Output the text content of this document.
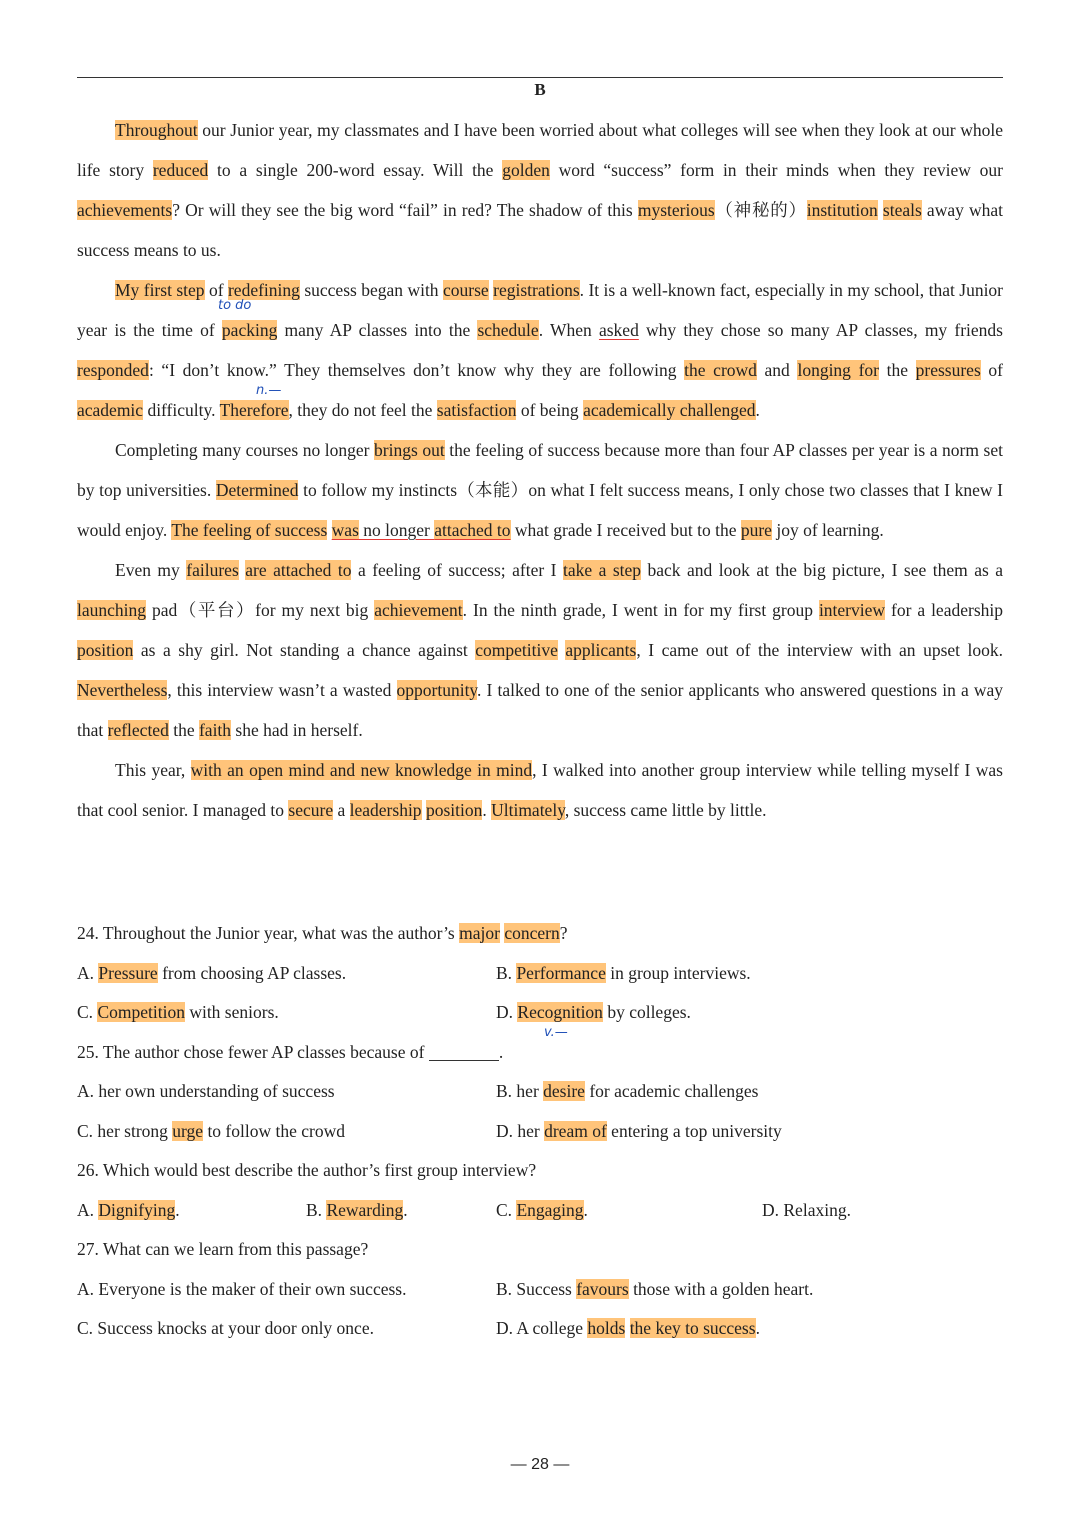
B

Throughout our Junior year, my classmates and I have been worried about what colleges will see when they look at our whole life story reduced to a single 200-word essay. Will the golden word “success” form in their minds when they review our achievements? Or will they see the big word “fail” in red? The shadow of this mysterious（神秘的）institution steals away what success means to us.

My first step of redefining success began with course registrations. It is a well-known fact, especially in my school, that Junior year is the time of packing many AP classes into the schedule. When asked why they chose so many AP classes, my friends responded: “I don’t know.” They themselves don’t know why they are following the crowd and longing for the pressures of academic difficulty. Therefore, they do not feel the satisfaction of being academically challenged.

Completing many courses no longer brings out the feeling of success because more than four AP classes per year is a norm set by top universities. Determined to follow my instincts（本能）on what I felt success means, I only chose two classes that I knew I would enjoy. The feeling of success was no longer attached to what grade I received but to the pure joy of learning.

Even my failures are attached to a feeling of success; after I take a step back and look at the big picture, I see them as a launching pad（平台）for my next big achievement. In the ninth grade, I went in for my first group interview for a leadership position as a shy girl. Not standing a chance against competitive applicants, I came out of the interview with an upset look. Nevertheless, this interview wasn’t a wasted opportunity. I talked to one of the senior applicants who answered questions in a way that reflected the faith she had in herself.

This year, with an open mind and new knowledge in mind, I walked into another group interview while telling myself I was that cool senior. I managed to secure a leadership position. Ultimately, success came little by little.

to do
n.—
v.—
24. Throughout the Junior year, what was the author’s major concern?
A. Pressure from choosing AP classes.	B. Performance in group interviews.
C. Competition with seniors.	D. Recognition by colleges.
25. The author chose fewer AP classes because of	.
A. her own understanding of success	B. her desire for academic challenges
C. her strong urge to follow the crowd	D. her dream of entering a top university
26. Which would best describe the author’s first group interview?
A. Dignifying.	B. Rewarding.	C. Engaging.	D. Relaxing.
27. What can we learn from this passage?
A. Everyone is the maker of their own success.	B. Success favours those with a golden heart.
C. Success knocks at your door only once.	D. A college holds the key to success.
— 28 —
